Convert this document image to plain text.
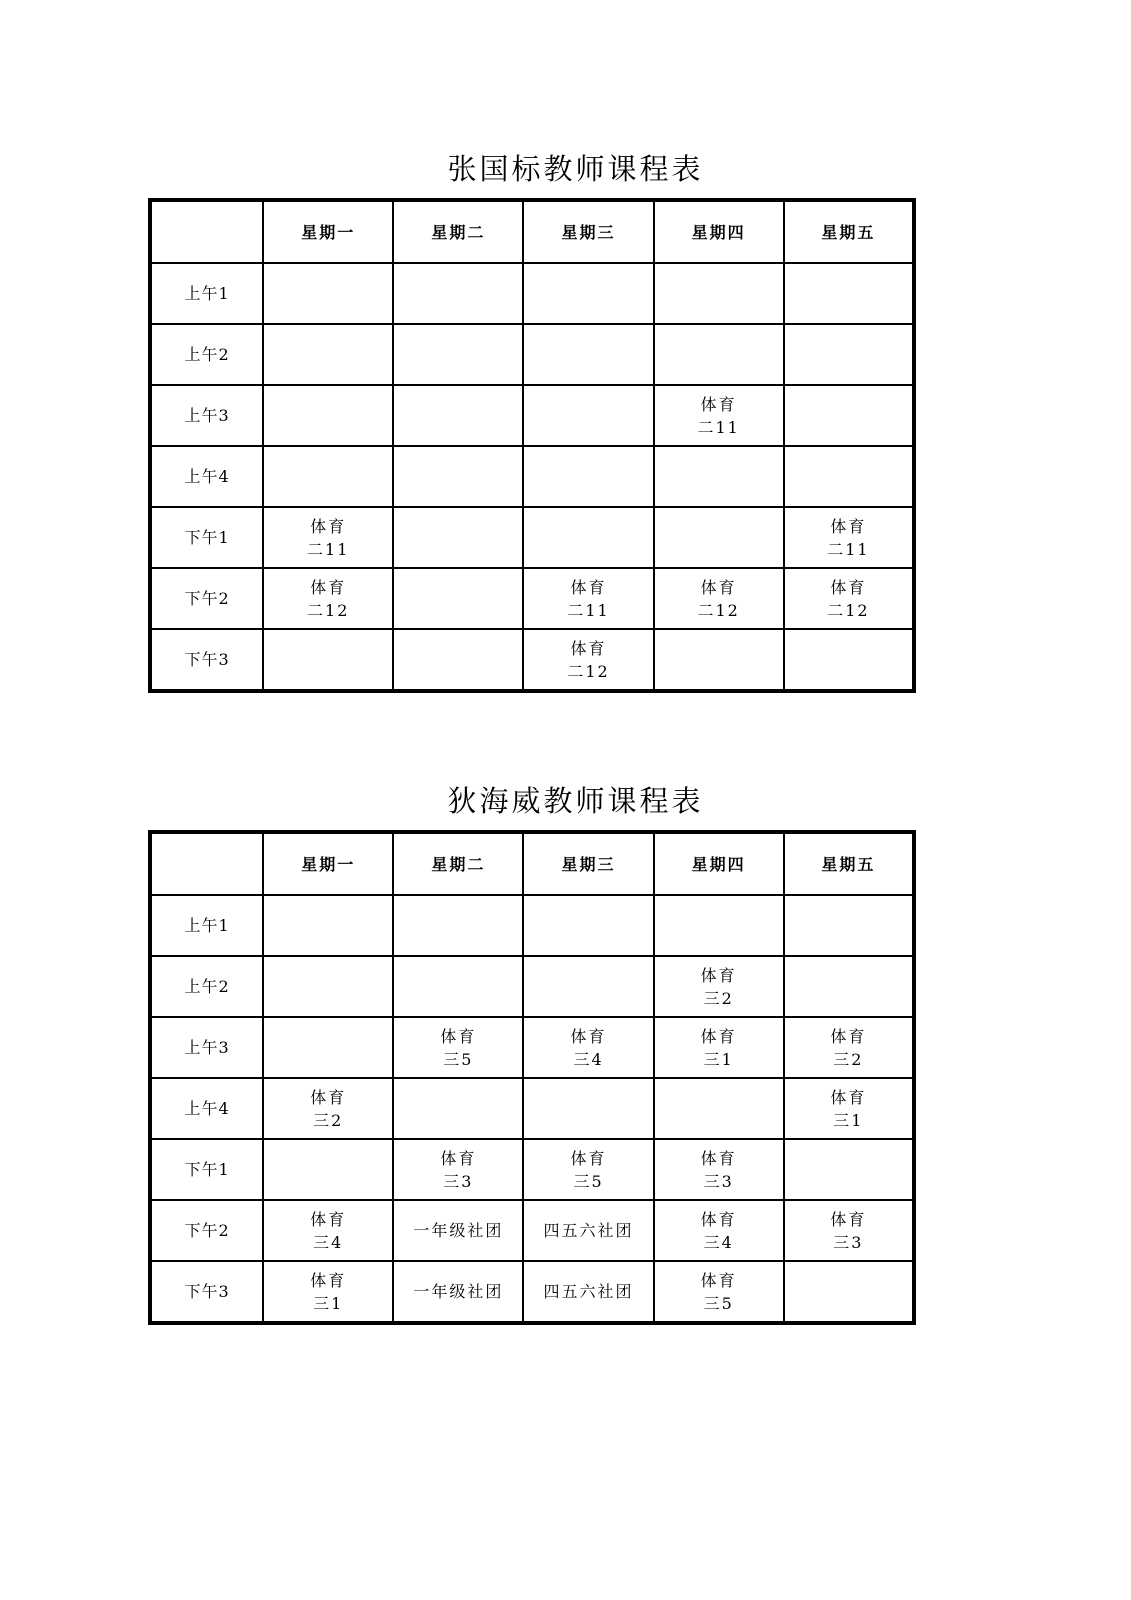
张国标教师课程表
	星期一	星期二	星期三	星期四	星期五
上午1					
上午2					
上午3				体育
二11	

上午4					
下午1	体育
二11				体育
二11

下午2	体育
二12		体育
二11	体育
二12	体育
二12

下午3			体育
二12		

狄海威教师课程表
	星期一	星期二	星期三	星期四	星期五
上午1					
上午2				体育
三2	

上午3		体育
三5	体育
三4	体育
三1	体育
三2

上午4	体育
三2				体育
三1

下午1		体育
三3	体育
三5	体育
三3	

下午2	体育
三4	一年级社团	四五六社团	体育
三4	体育
三3

下午3	体育
三1	一年级社团	四五六社团	体育
三5	
